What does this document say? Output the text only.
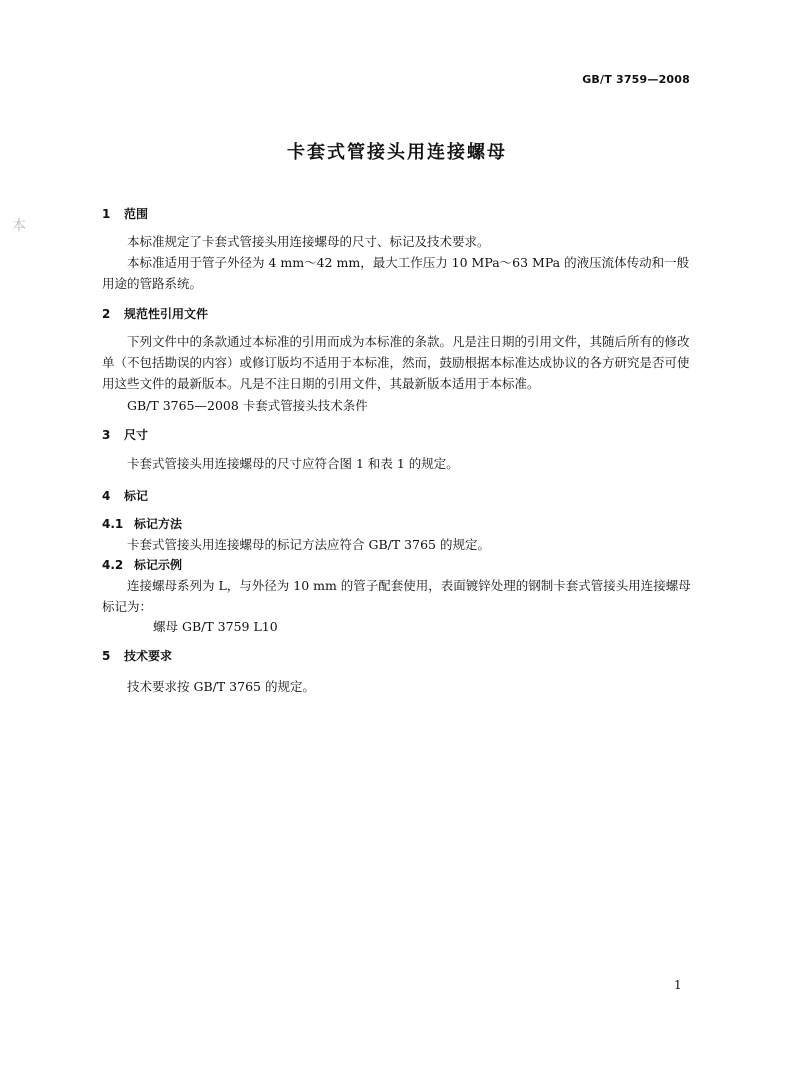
GB/T 3759—2008
卡套式管接头用连接螺母
本
1 范围
本标准规定了卡套式管接头用连接螺母的尺寸、标记及技术要求。
本标准适用于管子外径为 4 mm～42 mm，最大工作压力 10 MPa～63 MPa 的液压流体传动和一般用途的管路系统。
2 规范性引用文件
下列文件中的条款通过本标准的引用而成为本标准的条款。凡是注日期的引用文件，其随后所有的修改单（不包括勘误的内容）或修订版均不适用于本标准，然而，鼓励根据本标准达成协议的各方研究是否可使用这些文件的最新版本。凡是不注日期的引用文件，其最新版本适用于本标准。
GB/T 3765—2008 卡套式管接头技术条件
3 尺寸
卡套式管接头用连接螺母的尺寸应符合图 1 和表 1 的规定。
4 标记
4.1 标记方法
卡套式管接头用连接螺母的标记方法应符合 GB/T 3765 的规定。
4.2 标记示例
连接螺母系列为 L，与外径为 10 mm 的管子配套使用，表面镀锌处理的钢制卡套式管接头用连接螺母标记为：
螺母 GB/T 3759 L10
5 技术要求
技术要求按 GB/T 3765 的规定。
1
